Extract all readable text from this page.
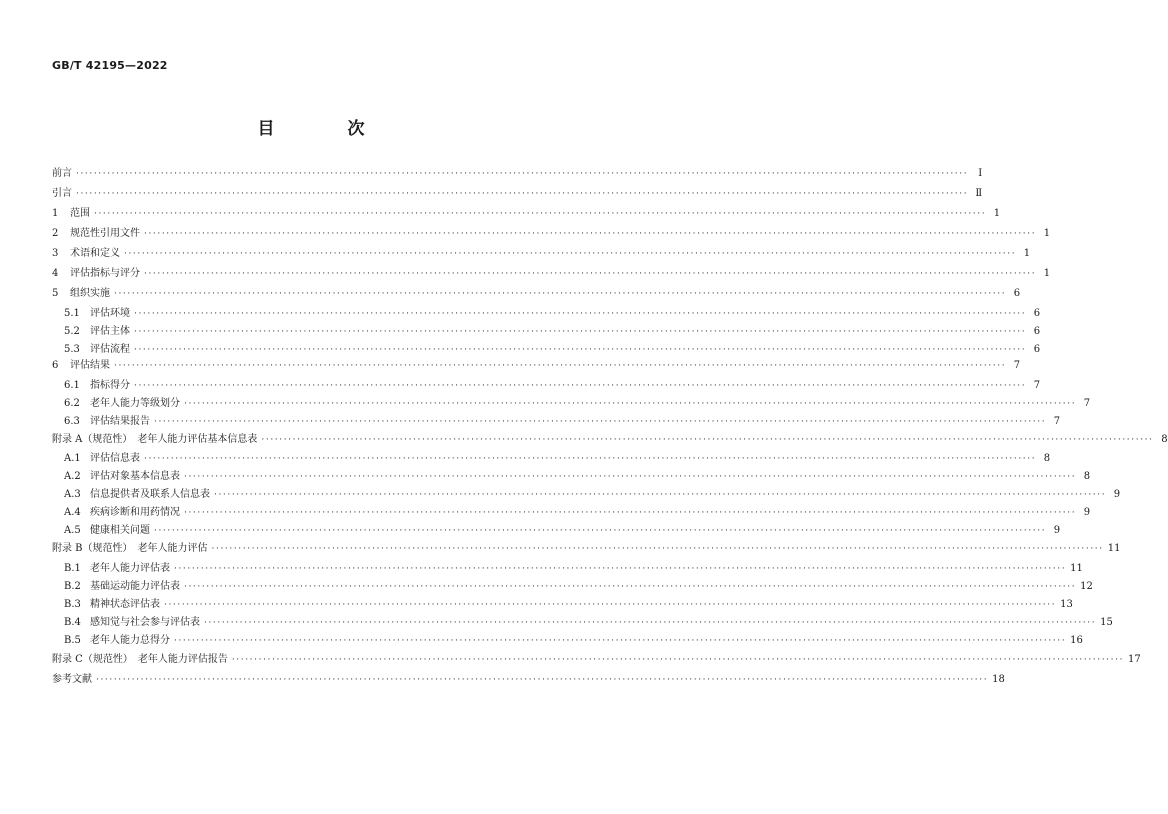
GB/T 42195—2022
目　次
前言 ········································································································································································································	Ⅰ
引言 ········································································································································································································ Ⅱ
1	范围 ········································································································································································································ 1
2	规范性引用文件 ········································································································································································································ 1
3	术语和定义 ········································································································································································································ 1
4	评估指标与评分 ········································································································································································································ 1
5	组织实施 ········································································································································································································ 6
5.1	评估环境 ········································································································································································································ 6
5.2	评估主体 ········································································································································································································ 6
5.3	评估流程 ········································································································································································································ 6
6	评估结果 ········································································································································································································ 7
6.1	指标得分 ········································································································································································································ 7
6.2	老年人能力等级划分 ········································································································································································································ 7
6.3	评估结果报告 ········································································································································································································ 7
附录 A（规范性）　老年人能力评估基本信息表 ········································································································································································································ 8
A.1 评估信息表 ········································································································································································································ 8
A.2 评估对象基本信息表 ········································································································································································································ 8
A.3 信息提供者及联系人信息表 ········································································································································································································ 9
A.4 疾病诊断和用药情况 ········································································································································································································ 9
A.5 健康相关问题 ········································································································································································································ 9
附录 B（规范性）　老年人能力评估 ········································································································································································································ 11
B.1 老年人能力评估表 ········································································································································································································ 11
B.2 基础运动能力评估表 ········································································································································································································ 12
B.3 精神状态评估表 ········································································································································································································ 13
B.4 感知觉与社会参与评估表 ········································································································································································································ 15
B.5 老年人能力总得分 ········································································································································································································ 16
附录 C（规范性）　老年人能力评估报告 ········································································································································································································ 17
参考文献 ········································································································································································································ 18
